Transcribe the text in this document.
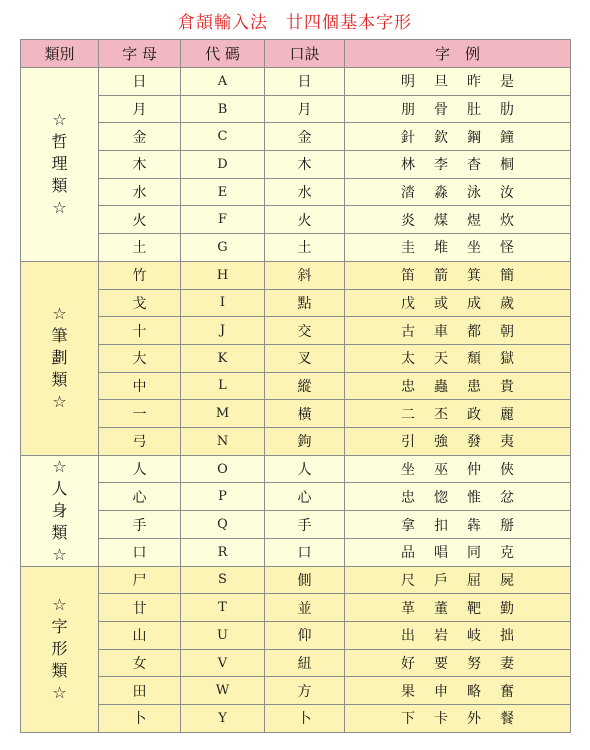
倉頡輸入法 廿四個基本字形
類別	字 母	代 碼	口訣	字　例

☆
哲
理
類
☆	日	A	日	明 旦 昨 是
	月	B	月	朋 骨 肚 肋
	金	C	金	針 欽 鋼 鐘
	木	D	木	林 李 杳 桐
	水	E	水	涾 淼 泳 汝
	火	F	火	炎 煤 煜 炊
	土	G	土	圭 堆 坐 怪

☆
筆
劃
類
☆	竹	H	斜	笛 箭 箕 簡
	戈	I	點	戊 或 成 歲
	十	J	交	古 車 都 朝
	大	K	叉	太 天 頹 獄
	中	L	縱	忠 蟲 患 貴
	一	M	橫	二 丕 政 麗
	弓	N	鉤	引 強 發 夷

☆
人
身
類
☆	人	O	人	坐 巫 仲 俠
	心	P	心	忠 惚 惟 忿
	手	Q	手	拿 扣 犇 掰
	口	R	口	品 唱 同 克

☆
字
形
類
☆	尸	S	側	尺 戶 屈 屍
	廿	T	並	革 董 靶 勤
	山	U	仰	出 岩 岐 拙
	女	V	紐	好 要 努 妻
	田	W	方	果 申 略 奮
	卜	Y	卜	下 卡 外 餐
